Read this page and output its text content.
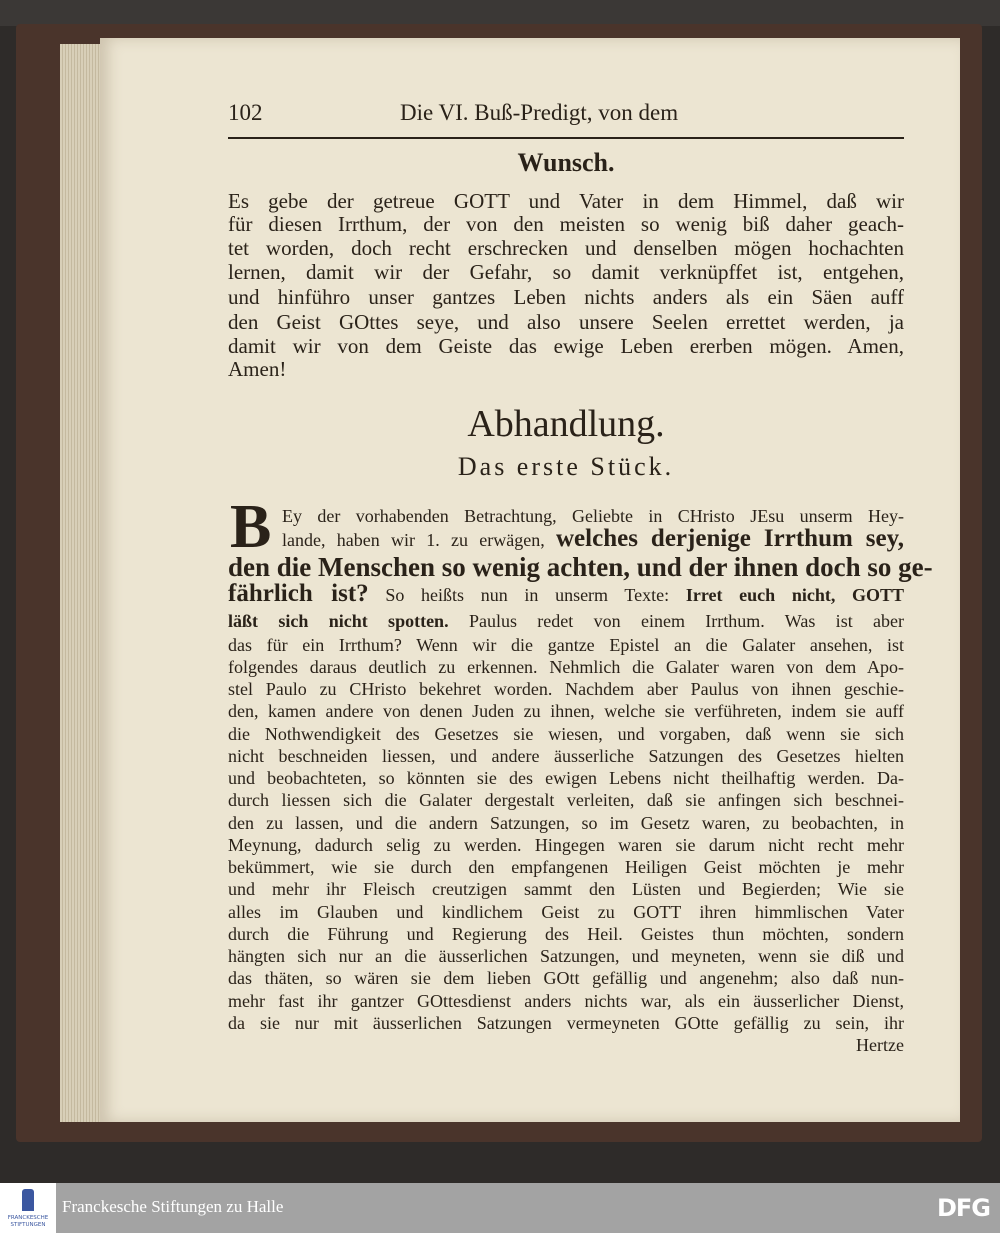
102	Die VI. Buß-Predigt, von dem
Wunsch.
Es gebe der getreue GOTT und Vater in dem Himmel, daß wir
für diesen Irrthum, der von den meisten so wenig biß daher geach-
tet worden, doch recht erschrecken und denselben mögen hochachten
lernen, damit wir der Gefahr, so damit verknüpffet ist, entgehen,
und hinführo unser gantzes Leben nichts anders als ein Säen auff
den Geist GOttes seye, und also unsere Seelen errettet werden, ja
damit wir von dem Geiste das ewige Leben ererben mögen. Amen,
Amen!
Abhandlung.
Das erste Stück.
B Ey der vorhabenden Betrachtung, Geliebte in CHristo JEsu unserm Hey-
lande, haben wir 1. zu erwägen, welches derjenige Irrthum sey,
den die Menschen so wenig achten, und der ihnen doch so ge-
fährlich ist? So heißts nun in unserm Texte: Irret euch nicht, GOTT
läßt sich nicht spotten. Paulus redet von einem Irrthum. Was ist aber
das für ein Irrthum? Wenn wir die gantze Epistel an die Galater ansehen, ist
folgendes daraus deutlich zu erkennen. Nehmlich die Galater waren von dem Apo-
stel Paulo zu CHristo bekehret worden. Nachdem aber Paulus von ihnen geschie-
den, kamen andere von denen Juden zu ihnen, welche sie verführeten, indem sie auff
die Nothwendigkeit des Gesetzes sie wiesen, und vorgaben, daß wenn sie sich
nicht beschneiden liessen, und andere äusserliche Satzungen des Gesetzes hielten
und beobachteten, so könnten sie des ewigen Lebens nicht theilhaftig werden. Da-
durch liessen sich die Galater dergestalt verleiten, daß sie anfingen sich beschnei-
den zu lassen, und die andern Satzungen, so im Gesetz waren, zu beobachten, in
Meynung, dadurch selig zu werden. Hingegen waren sie darum nicht recht mehr
bekümmert, wie sie durch den empfangenen Heiligen Geist möchten je mehr
und mehr ihr Fleisch creutzigen sammt den Lüsten und Begierden; Wie sie
alles im Glauben und kindlichem Geist zu GOTT ihren himmlischen Vater
durch die Führung und Regierung des Heil. Geistes thun möchten, sondern
hängten sich nur an die äusserlichen Satzungen, und meyneten, wenn sie diß und
das thäten, so wären sie dem lieben GOtt gefällig und angenehm; also daß nun-
mehr fast ihr gantzer GOttesdienst anders nichts war, als ein äusserlicher Dienst,
da sie nur mit äusserlichen Satzungen vermeyneten GOtte gefällig zu sein, ihr
Hertze
FRANCKESCHE STIFTUNGEN
Franckesche Stiftungen zu Halle	DFG
